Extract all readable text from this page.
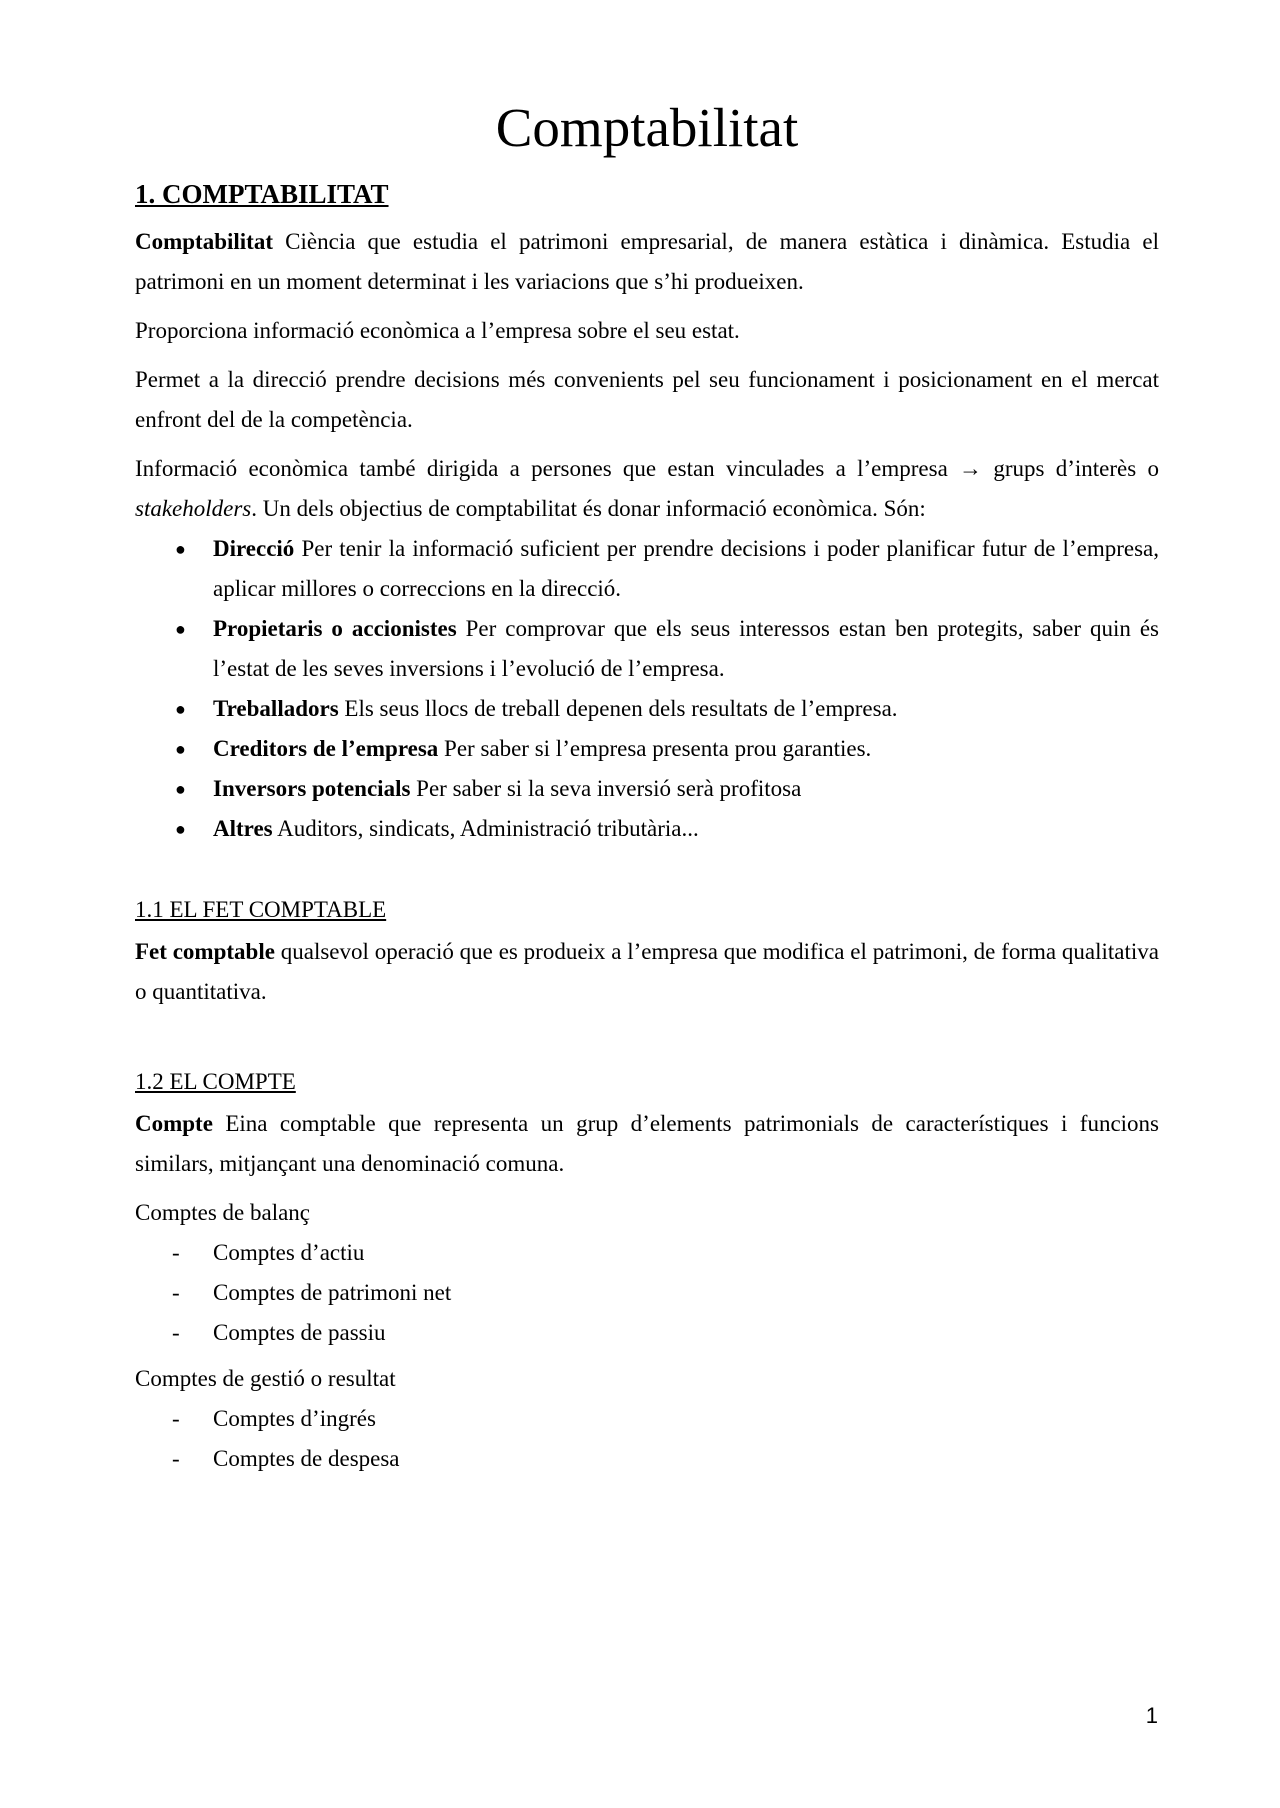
Comptabilitat
1. COMPTABILITAT

Comptabilitat Ciència que estudia el patrimoni empresarial, de manera estàtica i dinàmica. Estudia el patrimoni en un moment determinat i les variacions que s’hi produeixen.

Proporciona informació econòmica a l’empresa sobre el seu estat.

Permet a la direcció prendre decisions més convenients pel seu funcionament i posicionament en el mercat enfront del de la competència.

Informació econòmica també dirigida a persones que estan vinculades a l’empresa → grups d’interès o stakeholders. Un dels objectius de comptabilitat és donar informació econòmica. Són:

● Direcció Per tenir la informació suficient per prendre decisions i poder planificar futur de l’empresa, aplicar millores o correccions en la direcció.
● Propietaris o accionistes Per comprovar que els seus interessos estan ben protegits, saber quin és l’estat de les seves inversions i l’evolució de l’empresa.
● Treballadors Els seus llocs de treball depenen dels resultats de l’empresa.
● Creditors de l’empresa Per saber si l’empresa presenta prou garanties.
● Inversors potencials Per saber si la seva inversió serà profitosa
● Altres Auditors, sindicats, Administració tributària...
1.1 EL FET COMPTABLE

Fet comptable qualsevol operació que es produeix a l’empresa que modifica el patrimoni, de forma qualitativa o quantitativa.

1.2 EL COMPTE

Compte Eina comptable que representa un grup d’elements patrimonials de característiques i funcions similars, mitjançant una denominació comuna.

Comptes de balanç

- Comptes d’actiu
- Comptes de patrimoni net
- Comptes de passiu

Comptes de gestió o resultat

- Comptes d’ingrés
- Comptes de despesa
1
